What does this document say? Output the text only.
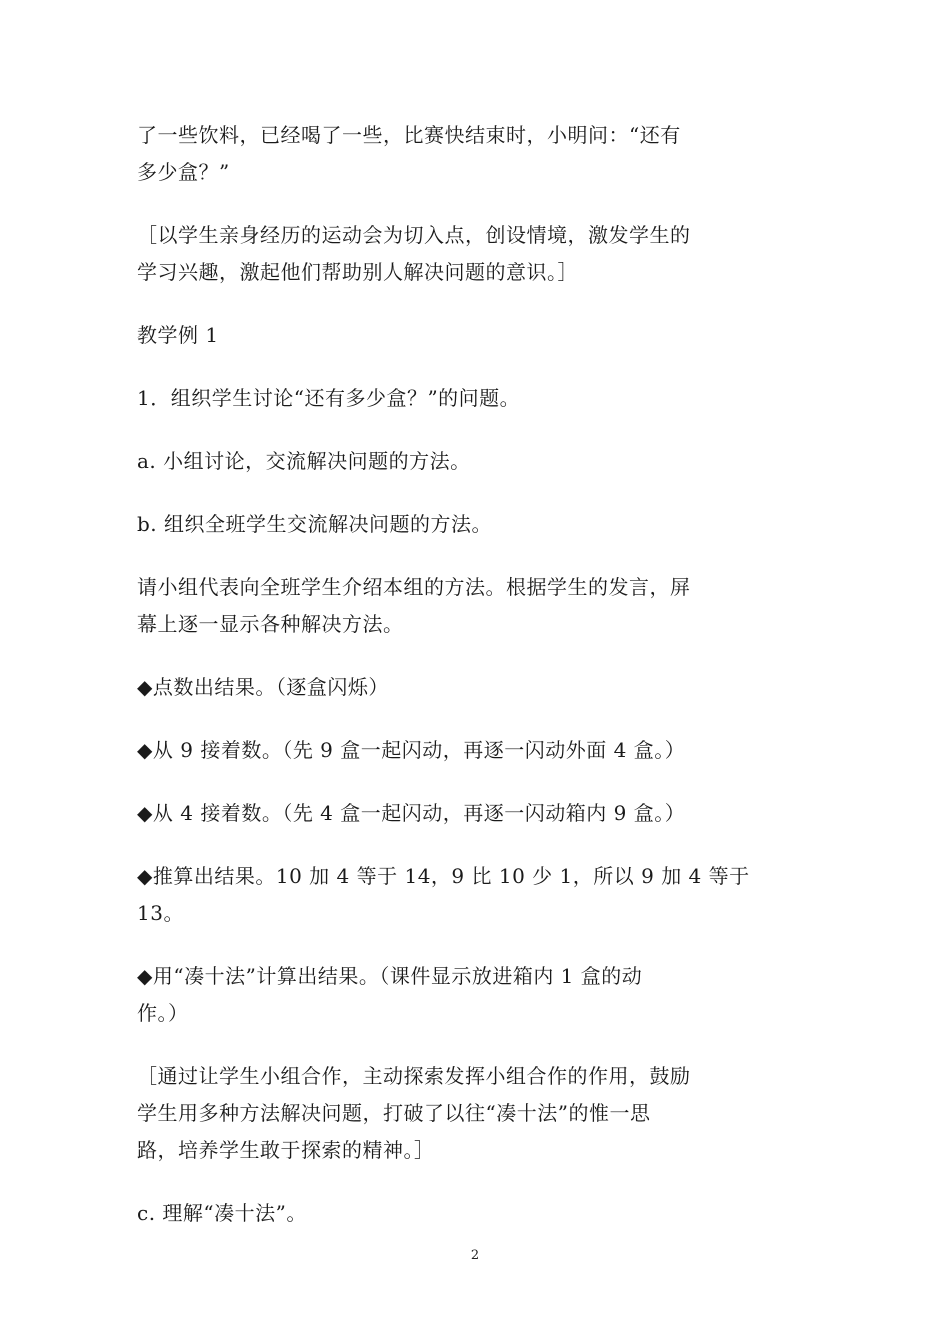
了一些饮料，已经喝了一些，比赛快结束时，小明问：“还有
多少盒？”

［以学生亲身经历的运动会为切入点，创设情境，激发学生的
学习兴趣，激起他们帮助别人解决问题的意识。］

教学例 1

1．组织学生讨论“还有多少盒？”的问题。

a. 小组讨论，交流解决问题的方法。

b. 组织全班学生交流解决问题的方法。

请小组代表向全班学生介绍本组的方法。根据学生的发言，屏
幕上逐一显示各种解决方法。

◆点数出结果。（逐盒闪烁）

◆从 9 接着数。（先 9 盒一起闪动，再逐一闪动外面 4 盒。）

◆从 4 接着数。（先 4 盒一起闪动，再逐一闪动箱内 9 盒。）

◆推算出结果。10 加 4 等于 14，9 比 10 少 1，所以 9 加 4 等于
13。

◆用“凑十法”计算出结果。（课件显示放进箱内 1 盒的动
作。）

［通过让学生小组合作，主动探索发挥小组合作的作用，鼓励
学生用多种方法解决问题，打破了以往“凑十法”的惟一思
路，培养学生敢于探索的精神。］

c. 理解“凑十法”。

2
